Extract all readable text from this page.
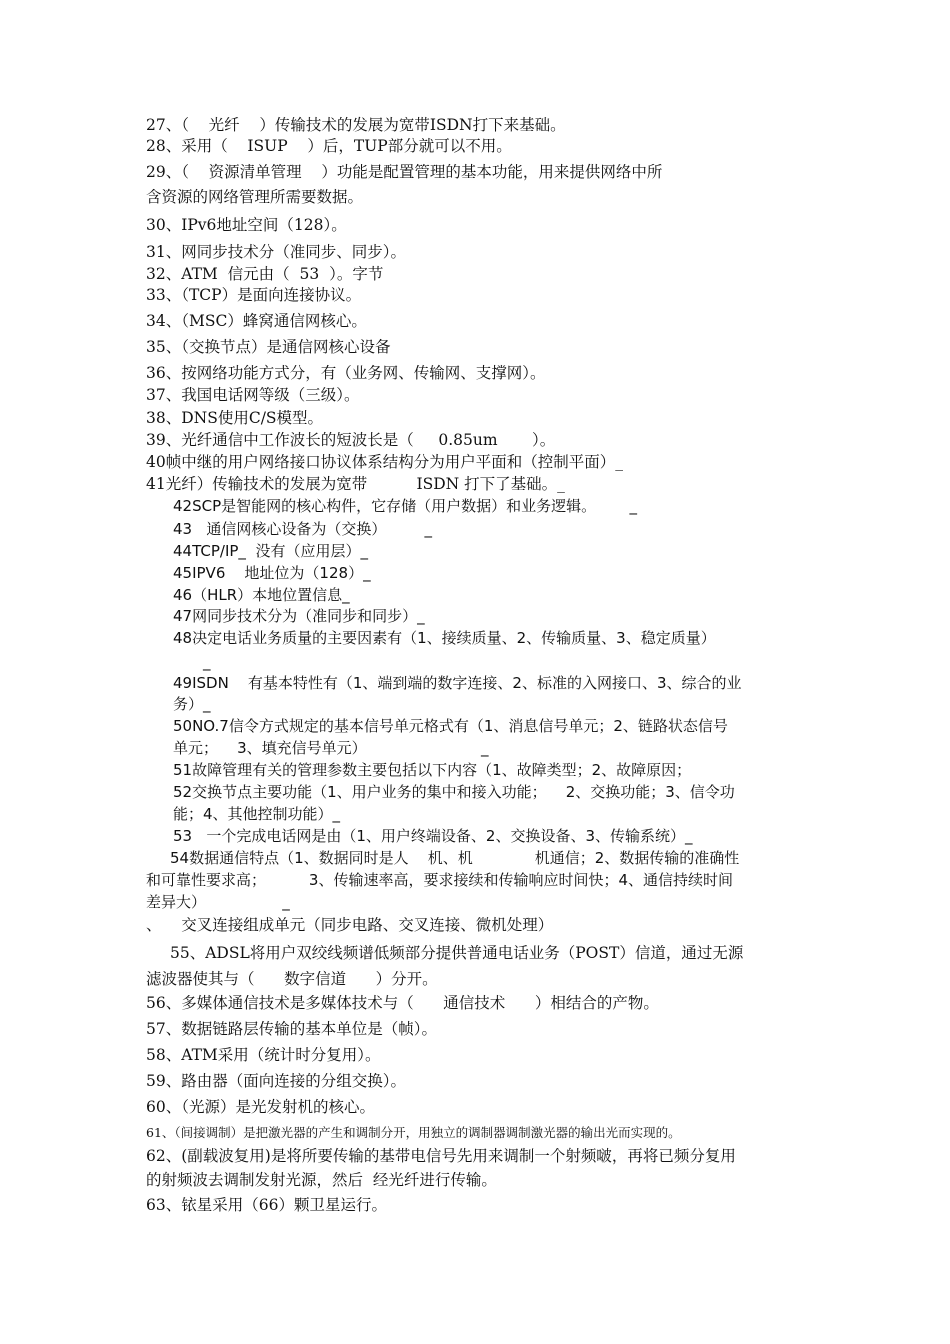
27、（    光纤    ）传输技术的发展为宽带ISDN打下来基础。
28、采用（    ISUP    ）后，TUP部分就可以不用。
29、（    资源清单管理    ）功能是配置管理的基本功能，用来提供网络中所
含资源的网络管理所需要数据。
30、IPv6地址空间（128）。
31、网同步技术分（准同步、同步）。
32、ATM  信元由（  53  ）。字节
33、（TCP）是面向连接协议。
34、（MSC）蜂窝通信网核心。
35、（交换节点）是通信网核心设备
36、按网络功能方式分，有（业务网、传输网、支撑网）。
37、我国电话网等级（三级）。
38、DNS使用C/S模型。
39、光纤通信中工作波长的短波长是（     0.85um       ）。
40帧中继的用户网络接口协议体系结构分为用户平面和（控制平面）_
41光纤）传输技术的发展为宽带          ISDN 打下了基础。_
42SCP是智能网的核心构件，它存储（用户数据）和业务逻辑。       _
43   通信网核心设备为（交换）        _
44TCP/IP_  没有（应用层）_
45IPV6    地址位为（128）_
46（HLR）本地位置信息_
47网同步技术分为（准同步和同步）_
48决定电话业务质量的主要因素有（1、接续质量、2、传输质量、3、稳定质量）
_
49ISDN    有基本特性有（1、端到端的数字连接、2、标准的入网接口、3、综合的业
务）_
50NO.7信令方式规定的基本信号单元格式有（1、消息信号单元；2、链路状态信号
单元；    3、填充信号单元）                        _
51故障管理有关的管理参数主要包括以下内容（1、故障类型；2、故障原因；
52交换节点主要功能（1、用户业务的集中和接入功能；    2、交换功能；3、信令功
能；4、其他控制功能）_
53   一个完成电话网是由（1、用户终端设备、2、交换设备、3、传输系统）_
54数据通信特点（1、数据同时是人    机、机             机通信；2、数据传输的准确性
和可靠性要求高；         3、传输速率高，要求接续和传输响应时间快；4、通信持续时间
差异大）                _
、    交叉连接组成单元（同步电路、交叉连接、微机处理）
55、ADSL将用户双绞线频谱低频部分提供普通电话业务（POST）信道，通过无源
滤波器使其与（      数字信道      ）分开。
56、多媒体通信技术是多媒体技术与（      通信技术      ）相结合的产物。
57、数据链路层传输的基本单位是（帧）。
58、ATM采用（统计时分复用）。
59、路由器（面向连接的分组交换）。
60、（光源）是光发射机的核心。
61、（间接调制）是把激光器的产生和调制分开，用独立的调制器调制激光器的输出光而实现的。
62、(副载波复用)是将所要传输的基带电信号先用来调制一个射频啵，再将已频分复用
的射频波去调制发射光源，然后  经光纤进行传输。
63、铱星采用（66）颗卫星运行。
